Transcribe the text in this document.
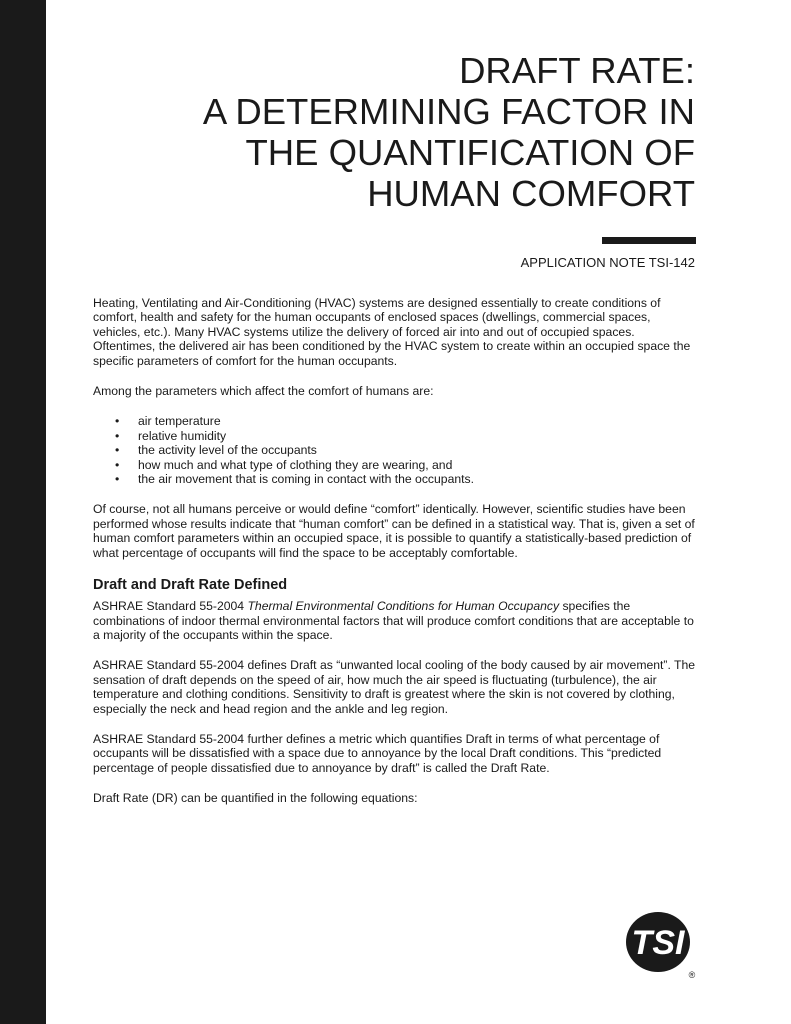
DRAFT RATE:
A DETERMINING FACTOR IN
THE QUANTIFICATION OF
HUMAN COMFORT
APPLICATION NOTE TSI-142

Heating, Ventilating and Air-Conditioning (HVAC) systems are designed essentially to create conditions of comfort, health and safety for the human occupants of enclosed spaces (dwellings, commercial spaces, vehicles, etc.). Many HVAC systems utilize the delivery of forced air into and out of occupied spaces. Oftentimes, the delivered air has been conditioned by the HVAC system to create within an occupied space the specific parameters of comfort for the human occupants.

Among the parameters which affect the comfort of humans are:

• air temperature
• relative humidity
• the activity level of the occupants
• how much and what type of clothing they are wearing, and
• the air movement that is coming in contact with the occupants.

Of course, not all humans perceive or would define “comfort” identically. However, scientific studies have been performed whose results indicate that “human comfort” can be defined in a statistical way. That is, given a set of human comfort parameters within an occupied space, it is possible to quantify a statistically-based prediction of what percentage of occupants will find the space to be acceptably comfortable.

Draft and Draft Rate Defined

ASHRAE Standard 55-2004 Thermal Environmental Conditions for Human Occupancy specifies the combinations of indoor thermal environmental factors that will produce comfort conditions that are acceptable to a majority of the occupants within the space.

ASHRAE Standard 55-2004 defines Draft as “unwanted local cooling of the body caused by air movement”. The sensation of draft depends on the speed of air, how much the air speed is fluctuating (turbulence), the air temperature and clothing conditions. Sensitivity to draft is greatest where the skin is not covered by clothing, especially the neck and head region and the ankle and leg region.

ASHRAE Standard 55-2004 further defines a metric which quantifies Draft in terms of what percentage of occupants will be dissatisfied with a space due to annoyance by the local Draft conditions. This “predicted percentage of people dissatisfied due to annoyance by draft” is called the Draft Rate.

Draft Rate (DR) can be quantified in the following equations:

TSI
®
